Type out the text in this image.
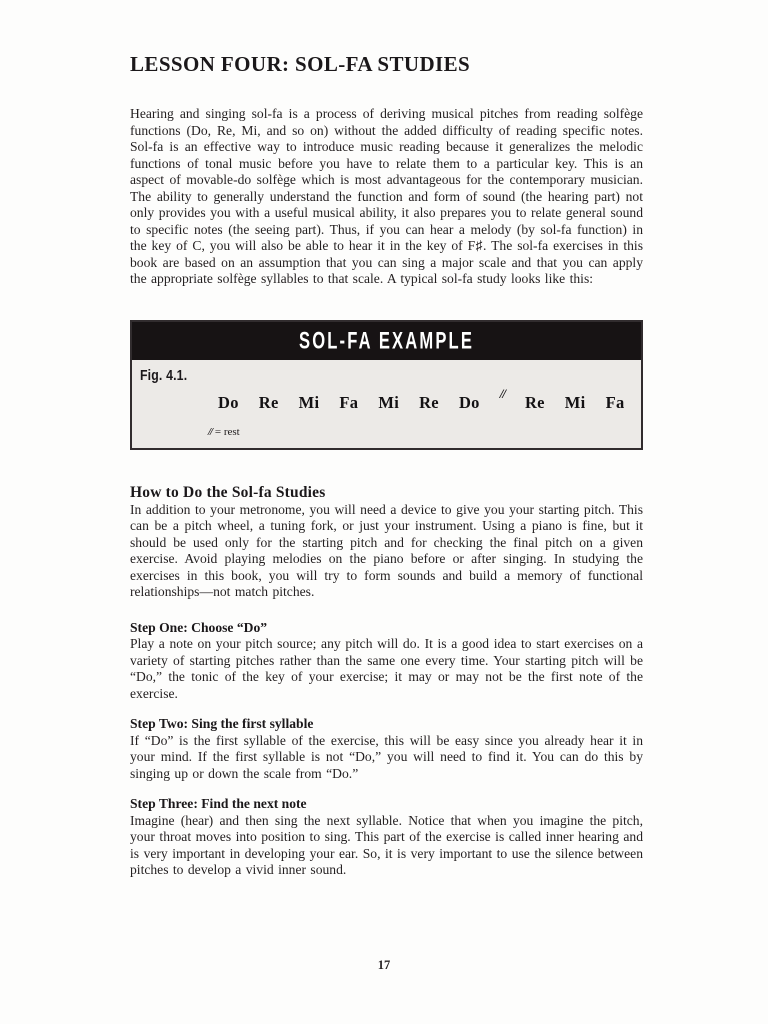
LESSON FOUR: SOL-FA STUDIES

Hearing and singing sol-fa is a process of deriving musical pitches from reading solfège functions (Do, Re, Mi, and so on) without the added difficulty of reading specific notes. Sol-fa is an effective way to introduce music reading because it generalizes the melodic functions of tonal music before you have to relate them to a particular key. This is an aspect of movable-do solfège which is most advantageous for the contemporary musician. The ability to generally understand the function and form of sound (the hearing part) not only provides you with a useful musical ability, it also prepares you to relate general sound to specific notes (the seeing part). Thus, if you can hear a melody (by sol-fa function) in the key of C, you will also be able to hear it in the key of F♯. The sol-fa exercises in this book are based on an assumption that you can sing a major scale and that you can apply the appropriate solfège syllables to that scale. A typical sol-fa study looks like this:

SOL-FA EXAMPLE
Fig. 4.1.
Do Re Mi Fa Mi Re Do // Re Mi Fa
// = rest
How to Do the Sol-fa Studies

In addition to your metronome, you will need a device to give you your starting pitch. This can be a pitch wheel, a tuning fork, or just your instrument. Using a piano is fine, but it should be used only for the starting pitch and for checking the final pitch on a given exercise. Avoid playing melodies on the piano before or after singing. In studying the exercises in this book, you will try to form sounds and build a memory of functional relationships—not match pitches.

Step One: Choose “Do”

Play a note on your pitch source; any pitch will do. It is a good idea to start exercises on a variety of starting pitches rather than the same one every time. Your starting pitch will be “Do,” the tonic of the key of your exercise; it may or may not be the first note of the exercise.

Step Two: Sing the first syllable

If “Do” is the first syllable of the exercise, this will be easy since you already hear it in your mind. If the first syllable is not “Do,” you will need to find it. You can do this by singing up or down the scale from “Do.”

Step Three: Find the next note

Imagine (hear) and then sing the next syllable. Notice that when you imagine the pitch, your throat moves into position to sing. This part of the exercise is called inner hearing and is very important in developing your ear. So, it is very important to use the silence between pitches to develop a vivid inner sound.

17
